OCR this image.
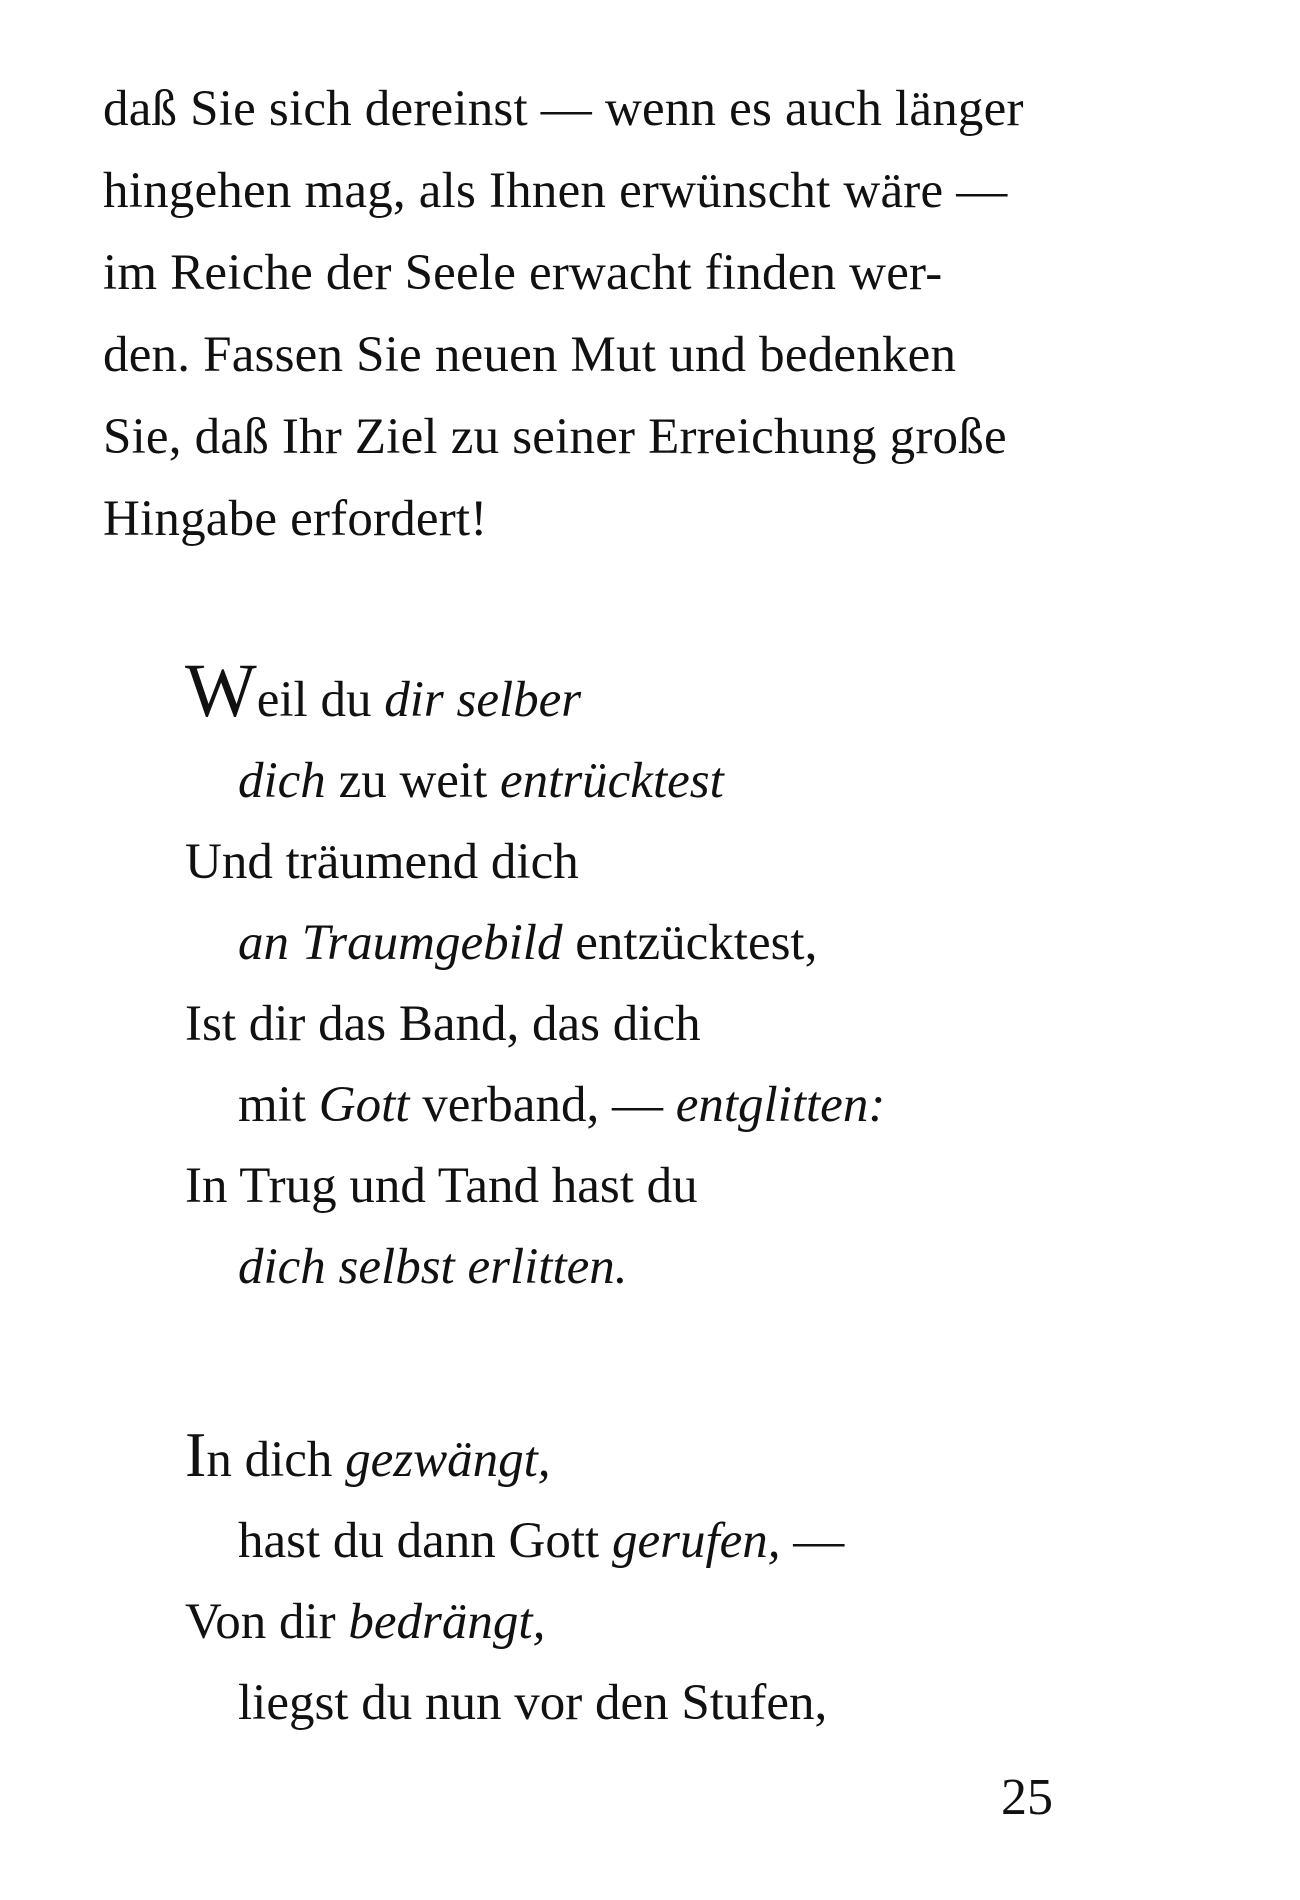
daß Sie sich dereinst — wenn es auch länger
hingehen mag, als Ihnen erwünscht wäre —
im Reiche der Seele erwacht finden wer-
den. Fassen Sie neuen Mut und bedenken
Sie, daß Ihr Ziel zu seiner Erreichung große
Hingabe erfordert!
Weil du dir selber
dich zu weit entrücktest
Und träumend dich
an Traumgebild entzücktest,
Ist dir das Band, das dich
mit Gott verband, — entglitten:
In Trug und Tand hast du
dich selbst erlitten.
In dich gezwängt,
hast du dann Gott gerufen, —
Von dir bedrängt,
liegst du nun vor den Stufen,
25
